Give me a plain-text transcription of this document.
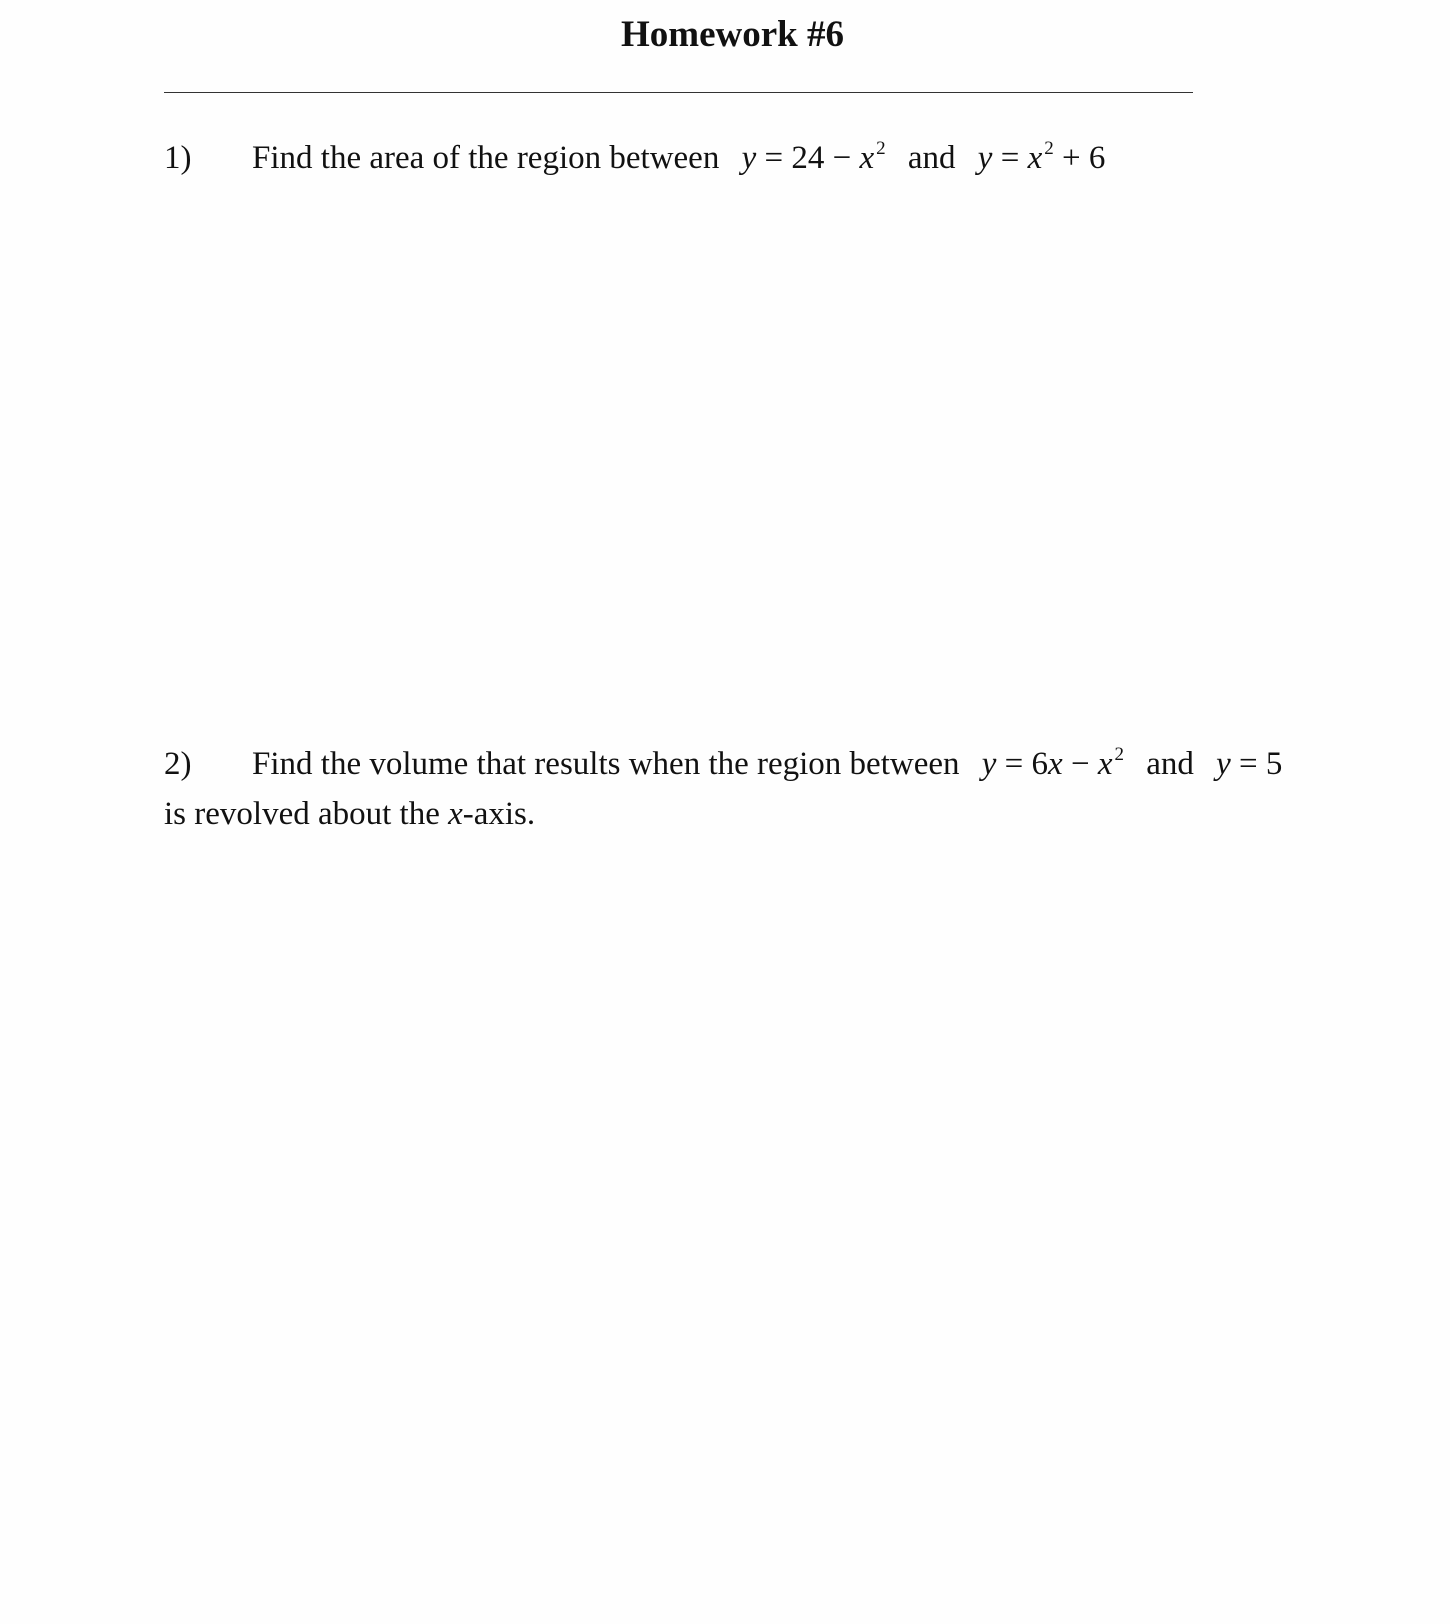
Homework #6
1) Find the area of the region between y = 24 − x $^2$ and y = x $^2$ + 6
2) Find the volume that results when the region between y = 6x − x $^2$ and y = 5
is revolved about the x-axis.
